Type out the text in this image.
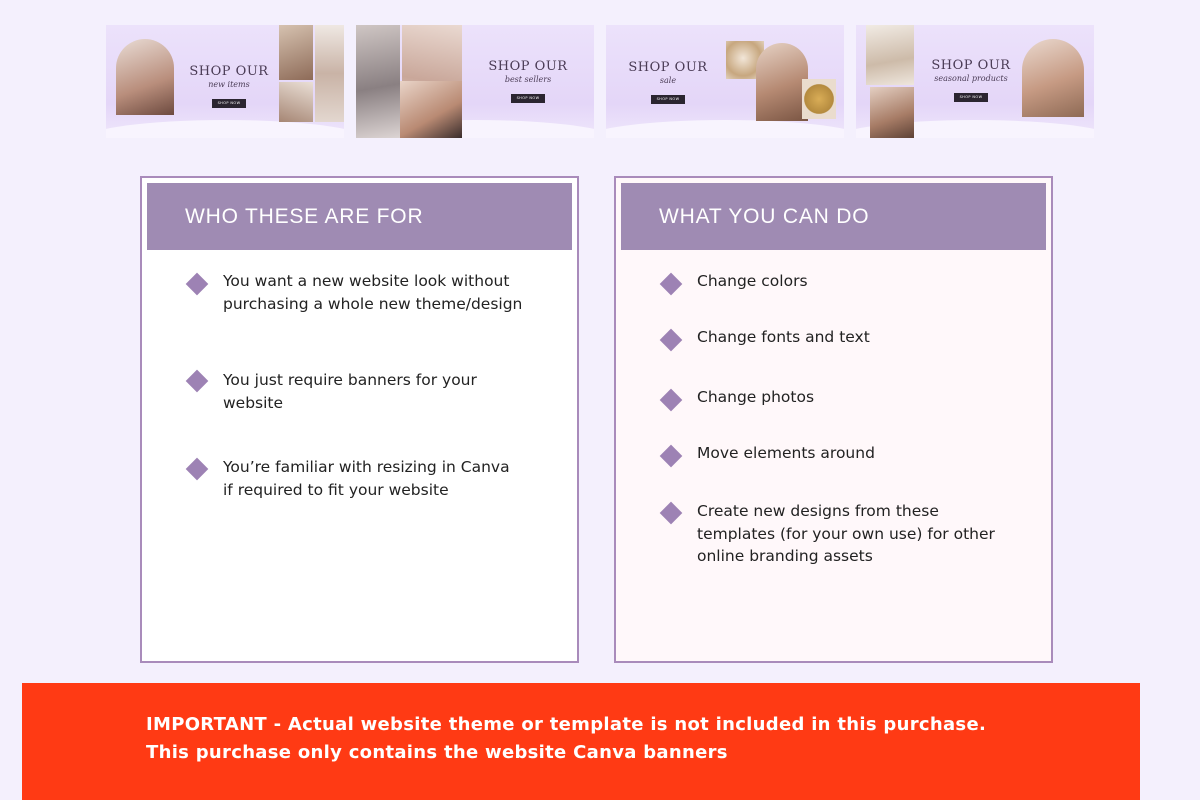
SHOP OUR
new items
SHOP NOW
SHOP OUR
best sellers
SHOP NOW
SHOP OUR
sale
SHOP NOW
SHOP OUR
seasonal products
SHOP NOW
WHO THESE ARE FOR
You want a new website look without purchasing a whole new theme/design
You just require banners for your website
You’re familiar with resizing in Canva if required to fit your website
WHAT YOU CAN DO
Change colors
Change fonts and text
Change photos
Move elements around
Create new designs from these templates (for your own use) for other online branding assets

IMPORTANT - Actual website theme or template is not included in this purchase.

This purchase only contains the website Canva banners
